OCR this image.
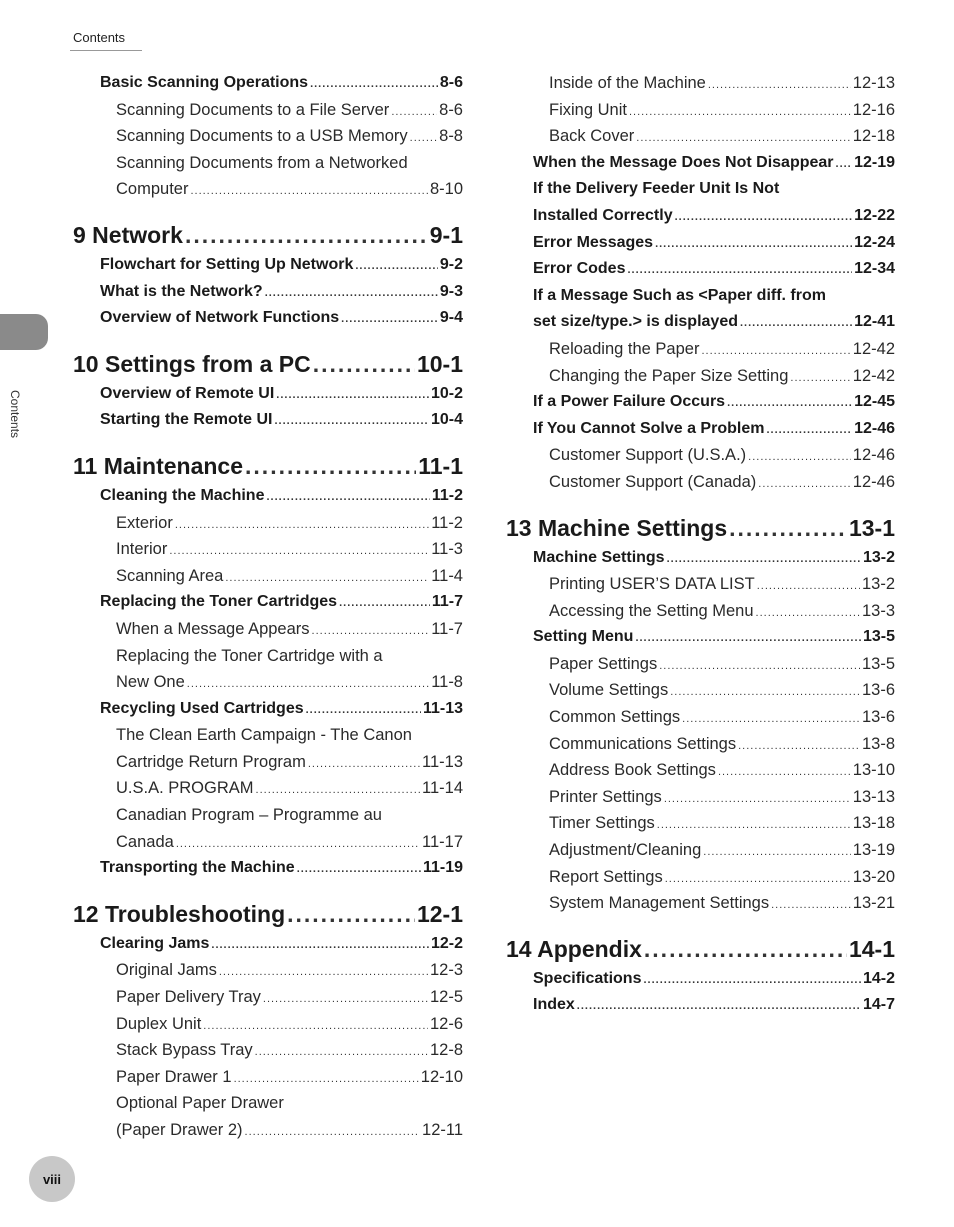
Contents
Contents
Basic Scanning Operations .....	8-6
Scanning Documents to a File Server .....	8-6
Scanning Documents to a USB Memory ..... 8-8
Scanning Documents from a Networked
Computer .....	8-10
9 Network .....	9-1
Flowchart for Setting Up Network .....	9-2
What is the Network? .....	9-3
Overview of Network Functions .....	9-4
10 Settings from a PC .....	10-1
Overview of Remote UI .....	10-2
Starting the Remote UI .....	10-4
11 Maintenance .....	11-1
Cleaning the Machine .....	11-2
Exterior .....	11-2
Interior .....	11-3
Scanning Area .....	11-4
Replacing the Toner Cartridges .....	11-7
When a Message Appears .....	11-7
Replacing the Toner Cartridge with a
New One .....	11-8
Recycling Used Cartridges .....	11-13
The Clean Earth Campaign - The Canon
Cartridge Return Program .....	11-13
U.S.A. PROGRAM .....	11-14
Canadian Program – Programme au
Canada .....	11-17
Transporting the Machine .....	11-19
12 Troubleshooting .....	12-1
Clearing Jams .....	12-2
Original Jams .....	12-3
Paper Delivery Tray .....	12-5
Duplex Unit .....	12-6
Stack Bypass Tray .....	12-8
Paper Drawer 1 .....	12-10
Optional Paper Drawer
(Paper Drawer 2) .....	12-11
Inside of the Machine .....	12-13
Fixing Unit .....	12-16
Back Cover .....	12-18
When the Message Does Not Disappear ..... 12-19
If the Delivery Feeder Unit Is Not
Installed Correctly .....	12-22
Error Messages .....	12-24
Error Codes .....	12-34
If a Message Such as <Paper diff. from
set size/type.> is displayed .....	12-41
Reloading the Paper .....	12-42
Changing the Paper Size Setting .....	12-42
If a Power Failure Occurs .....	12-45
If You Cannot Solve a Problem .....	12-46
Customer Support (U.S.A.) .....	12-46
Customer Support (Canada) .....	12-46
13 Machine Settings .....	13-1
Machine Settings .....	13-2
Printing USER’S DATA LIST .....	13-2
Accessing the Setting Menu .....	13-3
Setting Menu .....	13-5
Paper Settings .....	13-5
Volume Settings .....	13-6
Common Settings .....	13-6
Communications Settings .....	13-8
Address Book Settings .....	13-10
Printer Settings .....	13-13
Timer Settings .....	13-18
Adjustment/Cleaning .....	13-19
Report Settings .....	13-20
System Management Settings .....	13-21
14 Appendix .....	14-1
Specifications .....	14-2
Index .....	14-7
viii
